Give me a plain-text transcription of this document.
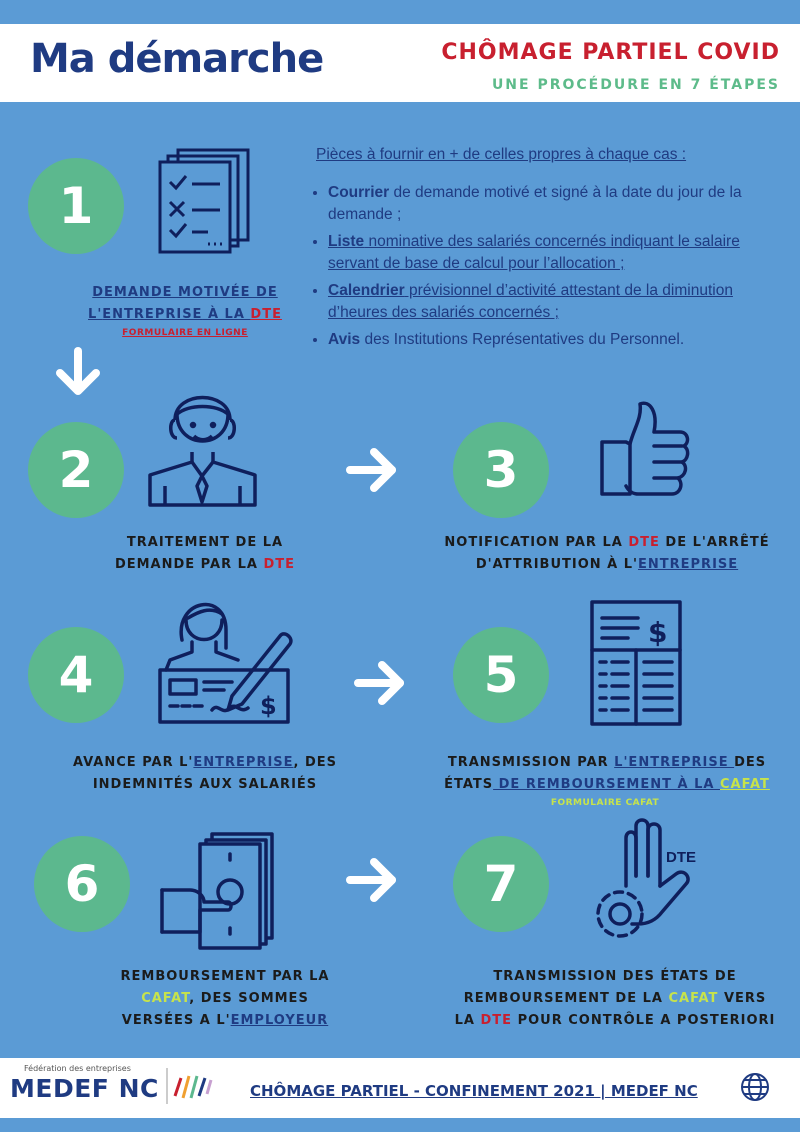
Ma démarche	CHÔMAGE PARTIEL COVID
UNE PROCÉDURE EN 7 ÉTAPES
1
DEMANDE MOTIVÉE DE
L'ENTREPRISE À LA DTE
FORMULAIRE EN LIGNE
Pièces à fournir en + de celles propres à chaque cas :
• Courrier de demande motivé et signé à la date du jour de la demande ;
• Liste nominative des salariés concernés indiquant le salaire servant de base de calcul pour l’allocation ;
• Calendrier prévisionnel d’activité attestant de la diminution d’heures des salariés concernés ;
• Avis des Institutions Représentatives du Personnel.
2
TRAITEMENT DE LA
DEMANDE PAR LA DTE
3
NOTIFICATION PAR LA DTE DE L'ARRÊTÉ
D'ATTRIBUTION À L'ENTREPRISE
4
$
AVANCE PAR L'ENTREPRISE, DES
INDEMNITÉS AUX SALARIÉS
5
$
TRANSMISSION PAR L'ENTREPRISE DES
ÉTATS DE REMBOURSEMENT À LA CAFAT
FORMULAIRE CAFAT
6
REMBOURSEMENT PAR LA
CAFAT, DES SOMMES
VERSÉES A L'EMPLOYEUR
7	DTE
TRANSMISSION DES ÉTATS DE
REMBOURSEMENT DE LA CAFAT VERS
LA DTE POUR CONTRÔLE A POSTERIORI
Fédération des entreprises
MEDEF NC	CHÔMAGE PARTIEL - CONFINEMENT 2021 | MEDEF NC
